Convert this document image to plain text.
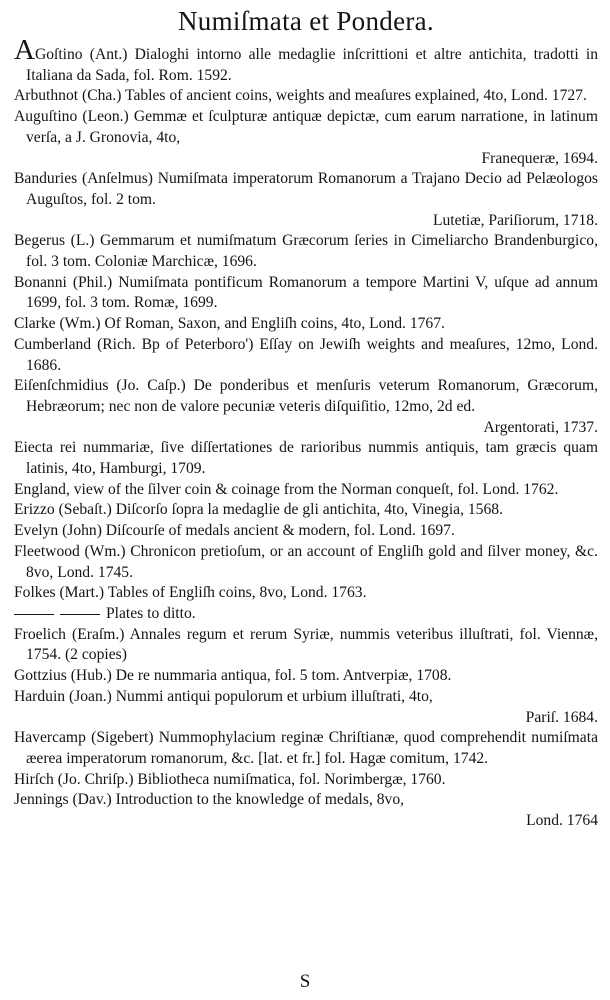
Numiſmata et Pondera.
AGoſtino (Ant.) Dialoghi intorno alle medaglie inſcrittioni et altre antichita, tradotti in Italiana da Sada, fol. Rom. 1592.
Arbuthnot (Cha.) Tables of ancient coins, weights and meaſures explained, 4to, Lond. 1727.
Auguſtino (Leon.) Gemmæ et ſculpturæ antiquæ depictæ, cum earum narratione, in latinum verſa, a J. Gronovia, 4to,
Franequeræ, 1694.
Banduries (Anſelmus) Numiſmata imperatorum Romanorum a Trajano Decio ad Pelæologos Auguſtos, fol. 2 tom.
Lutetiæ, Pariſiorum, 1718.
Begerus (L.) Gemmarum et numiſmatum Græcorum ſeries in Cimeliarcho Brandenburgico, fol. 3 tom. Coloniæ Marchicæ, 1696.
Bonanni (Phil.) Numiſmata pontificum Romanorum a tempore Martini V, uſque ad annum 1699, fol. 3 tom. Romæ, 1699.
Clarke (Wm.) Of Roman, Saxon, and Engliſh coins, 4to, Lond. 1767.
Cumberland (Rich. Bp of Peterboro') Eſſay on Jewiſh weights and meaſures, 12mo, Lond. 1686.
Eiſenſchmidius (Jo. Caſp.) De ponderibus et menſuris veterum Romanorum, Græcorum, Hebræorum; nec non de valore pecuniæ veteris diſquiſitio, 12mo, 2d ed.
Argentorati, 1737.
Eiecta rei nummariæ, ſive diſſertationes de rarioribus nummis antiquis, tam græcis quam latinis, 4to, Hamburgi, 1709.
England, view of the ſilver coin & coinage from the Norman conqueſt, fol. Lond. 1762.
Erizzo (Sebaſt.) Diſcorſo ſopra la medaglie de gli antichita, 4to, Vinegia, 1568.
Evelyn (John) Diſcourſe of medals ancient & modern, fol. Lond. 1697.
Fleetwood (Wm.) Chronicon pretioſum, or an account of Engliſh gold and ſilver money, &c. 8vo, Lond. 1745.
Folkes (Mart.) Tables of Engliſh coins, 8vo, Lond. 1763.
Plates to ditto.
Froelich (Eraſm.) Annales regum et rerum Syriæ, nummis veteribus illuſtrati, fol. Viennæ, 1754. (2 copies)
Gottzius (Hub.) De re nummaria antiqua, fol. 5 tom. Antverpiæ, 1708.
Harduin (Joan.) Nummi antiqui populorum et urbium illuſtrati, 4to,
Pariſ. 1684.
Havercamp (Sigebert) Nummophylacium reginæ Chriſtianæ, quod comprehendit numiſmata æerea imperatorum romanorum, &c. [lat. et fr.] fol. Hagæ comitum, 1742.
Hirſch (Jo. Chriſp.) Bibliotheca numiſmatica, fol. Norimbergæ, 1760.
Jennings (Dav.) Introduction to the knowledge of medals, 8vo,
Lond. 1764
S
